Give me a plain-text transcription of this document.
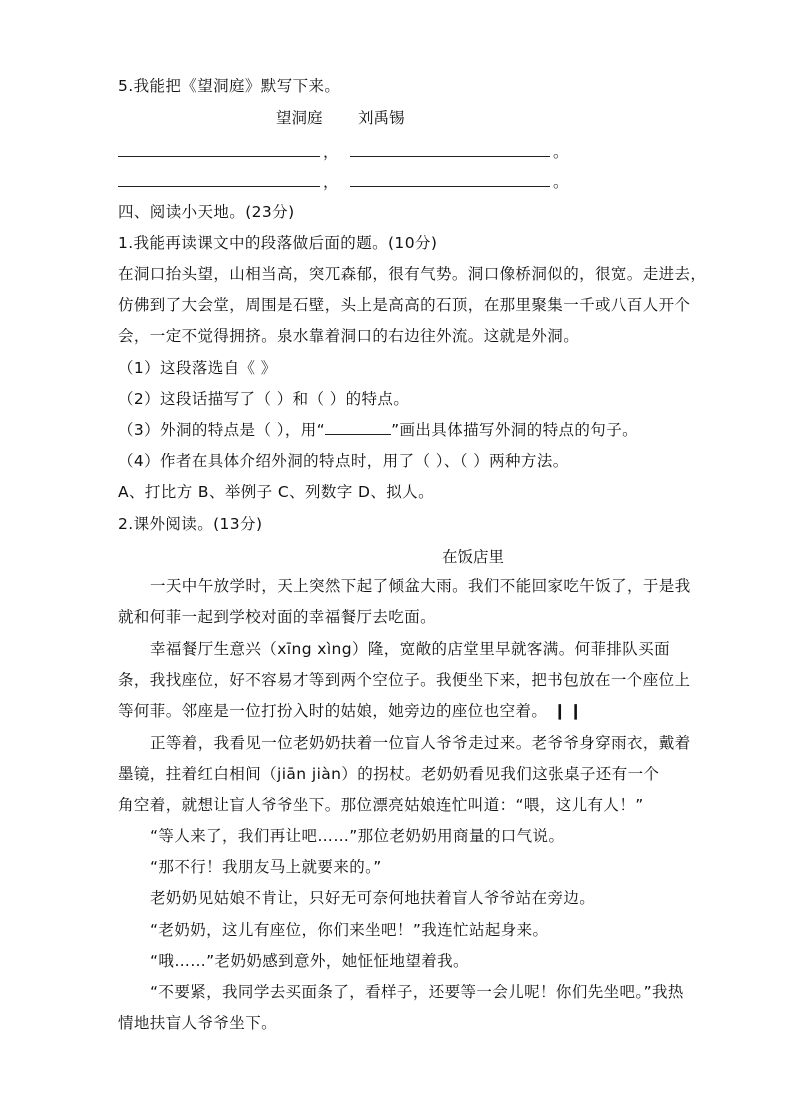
5.我能把《望洞庭》默写下来。
望洞庭 刘禹锡
，	。
，	。
四、阅读小天地。(23分)
1.我能再读课文中的段落做后面的题。(10分)
在洞口抬头望，山相当高，突兀森郁，很有气势。洞口像桥洞似的，很宽。走进去，
仿佛到了大会堂，周围是石壁，头上是高高的石顶，在那里聚集一千或八百人开个
会，一定不觉得拥挤。泉水靠着洞口的右边往外流。这就是外洞。
（1）这段落选自《 》
（2）这段话描写了（ ）和（ ）的特点。
（3）外洞的特点是（ ），用“	”画出具体描写外洞的特点的句子。
（4）作者在具体介绍外洞的特点时，用了（ ）、（ ）两种方法。
A、打比方 B、举例子 C、列数字 D、拟人。
2.课外阅读。(13分)
在饭店里
一天中午放学时，天上突然下起了倾盆大雨。我们不能回家吃午饭了，于是我
就和何菲一起到学校对面的幸福餐厅去吃面。
幸福餐厅生意兴（xīng xìng）隆，宽敞的店堂里早就客满。何菲排队买面
条，我找座位，好不容易才等到两个空位子。我便坐下来，把书包放在一个座位上
等何菲。邻座是一位打扮入时的姑娘，她旁边的座位也空着。 ❙❙
正等着，我看见一位老奶奶扶着一位盲人爷爷走过来。老爷爷身穿雨衣，戴着
墨镜，拄着红白相间（jiān jiàn）的拐杖。老奶奶看见我们这张桌子还有一个
角空着，就想让盲人爷爷坐下。那位漂亮姑娘连忙叫道：“喂，这儿有人！”
“等人来了，我们再让吧……”那位老奶奶用商量的口气说。
“那不行！我朋友马上就要来的。”
老奶奶见姑娘不肯让，只好无可奈何地扶着盲人爷爷站在旁边。
“老奶奶，这儿有座位，你们来坐吧！”我连忙站起身来。
“哦……”老奶奶感到意外，她怔怔地望着我。
“不要紧，我同学去买面条了，看样子，还要等一会儿呢！你们先坐吧。”我热
情地扶盲人爷爷坐下。
